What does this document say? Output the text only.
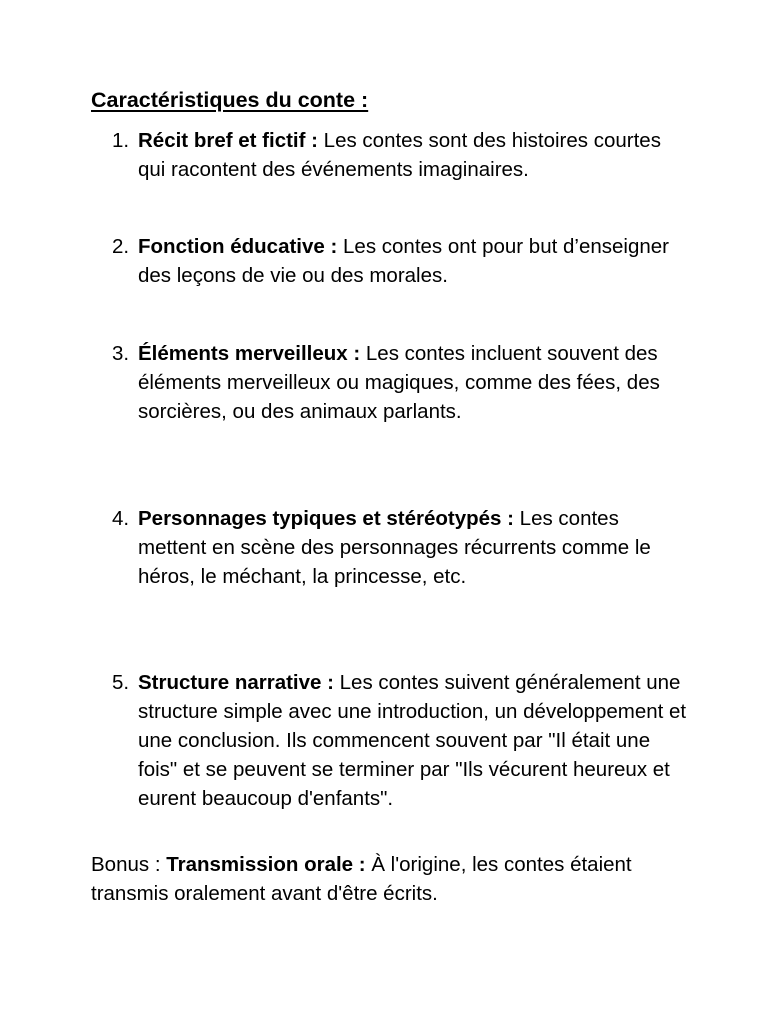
Caractéristiques du conte :
1. Récit bref et fictif : Les contes sont des histoires courtes qui racontent des événements imaginaires.
2. Fonction éducative : Les contes ont pour but d’enseigner des leçons de vie ou des morales.
3. Éléments merveilleux : Les contes incluent souvent des éléments merveilleux ou magiques, comme des fées, des sorcières, ou des animaux parlants.
4. Personnages typiques et stéréotypés : Les contes mettent en scène des personnages récurrents comme le héros, le méchant, la princesse, etc.
5. Structure narrative : Les contes suivent généralement une structure simple avec une introduction, un développement et une conclusion. Ils commencent souvent par "Il était une fois" et se peuvent se terminer par "Ils vécurent heureux et eurent beaucoup d'enfants".
Bonus : Transmission orale : À l'origine, les contes étaient transmis oralement avant d'être écrits.
